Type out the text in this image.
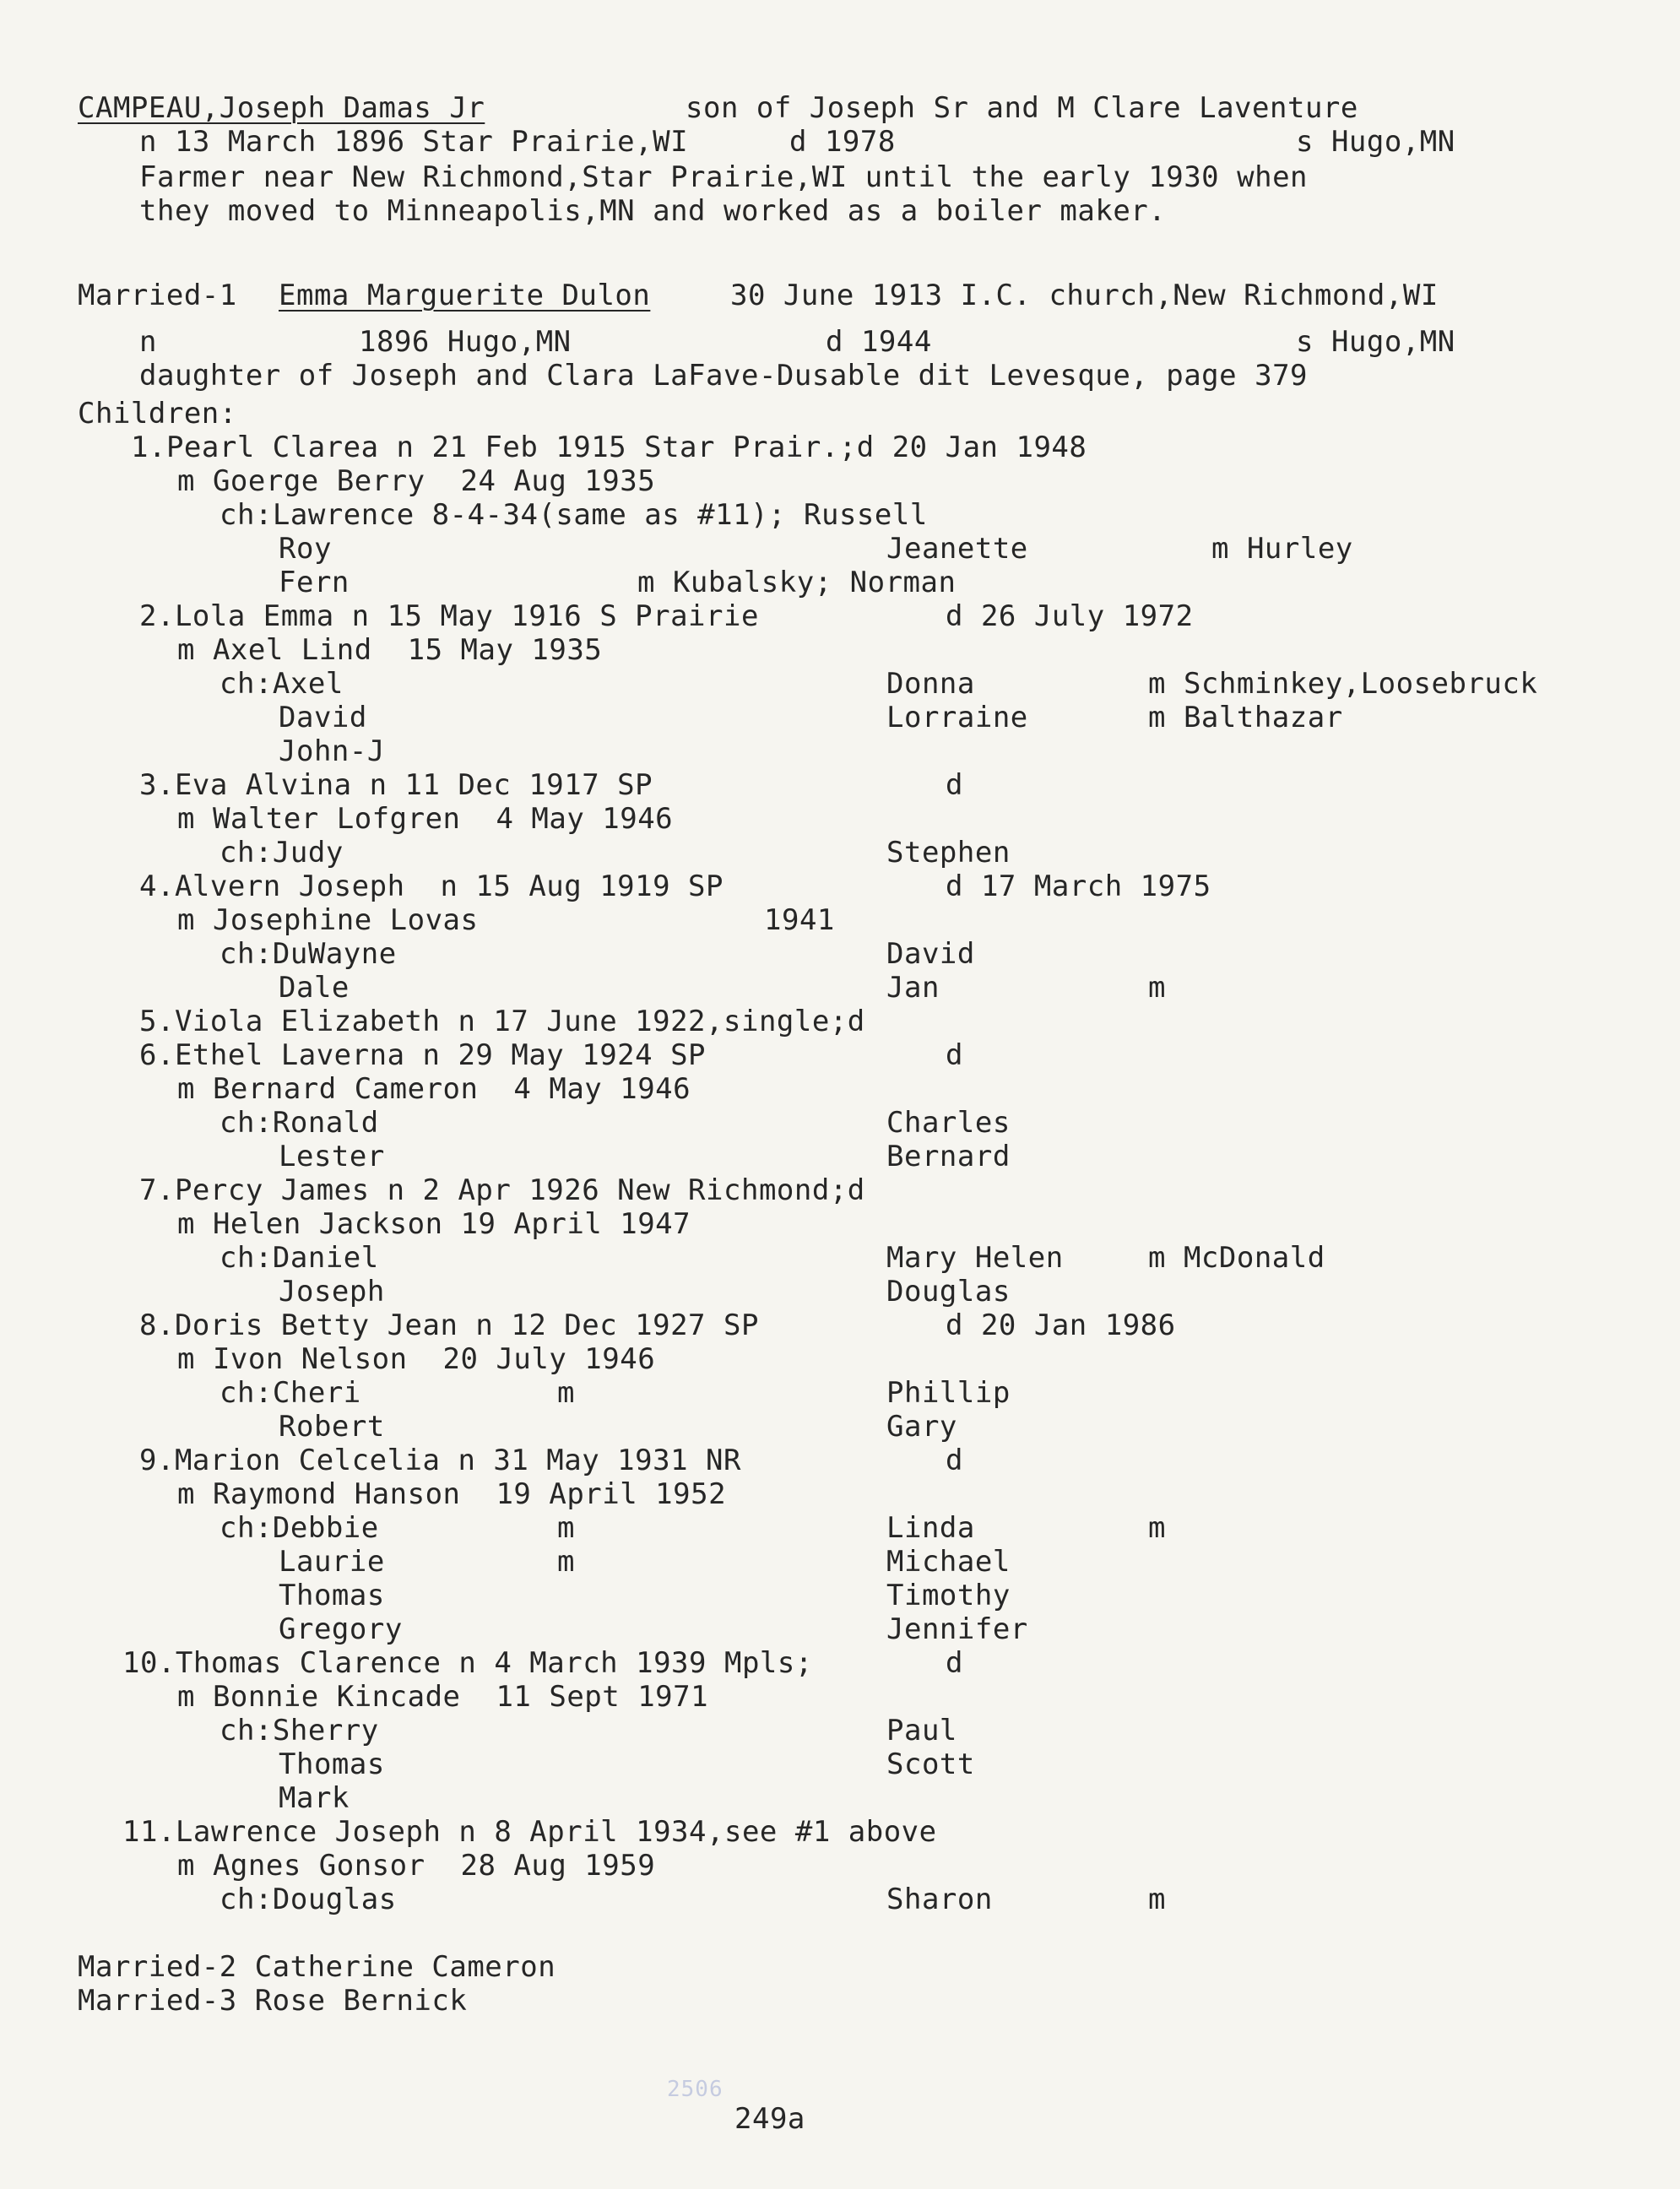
CAMPEAU,Joseph Damas Jr	son of Joseph Sr and M Clare Laventure
n 13 March 1896 Star Prairie,WI	d 1978	s Hugo,MN
Farmer near New Richmond,Star Prairie,WI until the early 1930 when
they moved to Minneapolis,MN and worked as a boiler maker.
Married-1 Emma Marguerite Dulon	30 June 1913 I.C. church,New Richmond,WI
n	1896 Hugo,MN	d 1944	s Hugo,MN
daughter of Joseph and Clara LaFave-Dusable dit Levesque, page 379
Children:
1.Pearl Clarea n 21 Feb 1915 Star Prair.;d 20 Jan 1948
m Goerge Berry  24 Aug 1935
ch:Lawrence 8-4-34(same as #11); Russell
Roy	Jeanette	m Hurley
Fern	m Kubalsky; Norman
2.Lola Emma n 15 May 1916 S Prairie	d 26 July 1972
m Axel Lind  15 May 1935
ch:Axel	Donna	m Schminkey,Loosebruck
David	Lorraine	m Balthazar
John-J
3.Eva Alvina n 11 Dec 1917 SP	d
m Walter Lofgren  4 May 1946
ch:Judy	Stephen
4.Alvern Joseph  n 15 Aug 1919 SP	d 17 March 1975
m Josephine Lovas	1941
ch:DuWayne	David
Dale	Jan	m
5.Viola Elizabeth n 17 June 1922,single;d
6.Ethel Laverna n 29 May 1924 SP	d
m Bernard Cameron  4 May 1946
ch:Ronald	Charles
Lester	Bernard
7.Percy James n 2 Apr 1926 New Richmond;d
m Helen Jackson 19 April 1947
ch:Daniel	Mary Helen	m McDonald
Joseph	Douglas
8.Doris Betty Jean n 12 Dec 1927 SP	d 20 Jan 1986
m Ivon Nelson  20 July 1946
ch:Cheri	m	Phillip
Robert	Gary
9.Marion Celcelia n 31 May 1931 NR	d
m Raymond Hanson  19 April 1952
ch:Debbie	m	Linda	m
Laurie	m	Michael
Thomas	Timothy
Gregory	Jennifer
10.Thomas Clarence n 4 March 1939 Mpls;	d
m Bonnie Kincade  11 Sept 1971
ch:Sherry	Paul
Thomas	Scott
Mark
11.Lawrence Joseph n 8 April 1934,see #1 above
m Agnes Gonsor  28 Aug 1959
ch:Douglas	Sharon	m
Married-2 Catherine Cameron
Married-3 Rose Bernick
2506
249a
